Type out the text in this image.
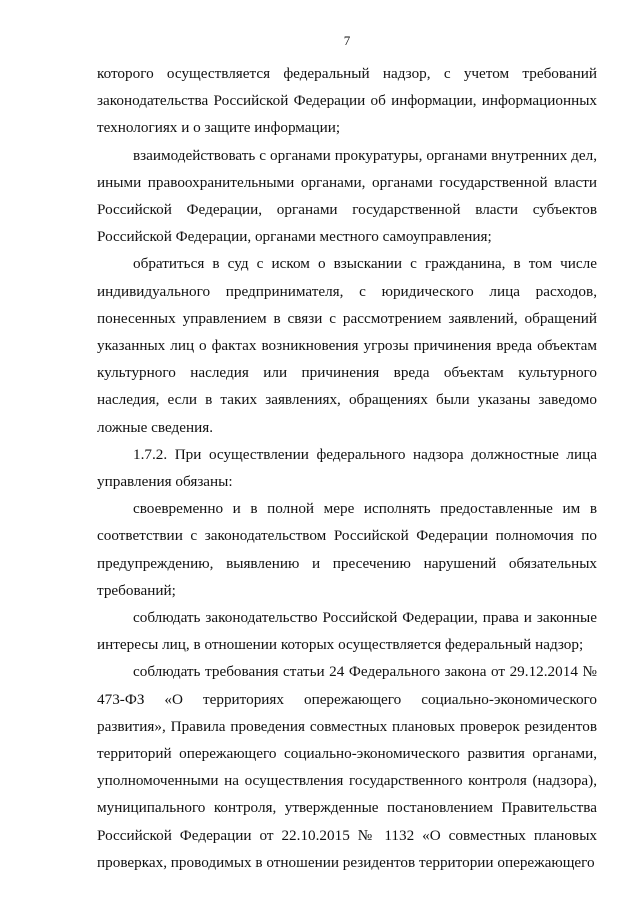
7

которого осуществляется федеральный надзор, с учетом требований законодательства Российской Федерации об информации, информационных технологиях и о защите информации;

взаимодействовать с органами прокуратуры, органами внутренних дел, иными правоохранительными органами, органами государственной власти Российской Федерации, органами государственной власти субъектов Российской Федерации, органами местного самоуправления;

обратиться в суд с иском о взыскании с гражданина, в том числе индивидуального предпринимателя, с юридического лица расходов, понесенных управлением в связи с рассмотрением заявлений, обращений указанных лиц о фактах возникновения угрозы причинения вреда объектам культурного наследия или причинения вреда объектам культурного наследия, если в таких заявлениях, обращениях были указаны заведомо ложные сведения.

1.7.2. При осуществлении федерального надзора должностные лица управления обязаны:

своевременно и в полной мере исполнять предоставленные им в соответствии с законодательством Российской Федерации полномочия по предупреждению, выявлению и пресечению нарушений обязательных требований;

соблюдать законодательство Российской Федерации, права и законные интересы лиц, в отношении которых осуществляется федеральный надзор;

соблюдать требования статьи 24 Федерального закона от 29.12.2014 № 473-ФЗ «О территориях опережающего социально-экономического развития», Правила проведения совместных плановых проверок резидентов территорий опережающего социально-экономического развития органами, уполномоченными на осуществления государственного контроля (надзора), муниципального контроля, утвержденные постановлением Правительства Российской Федерации от 22.10.2015 № 1132 «О совместных плановых проверках, проводимых в отношении резидентов территории опережающего
